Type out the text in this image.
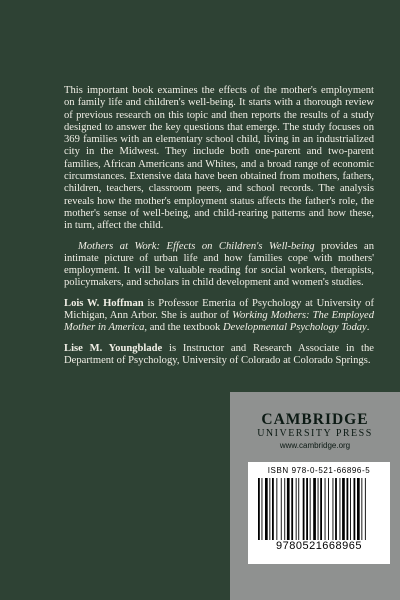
This important book examines the effects of the mother's employment on family life and children's well-being. It starts with a thorough review of previous research on this topic and then reports the results of a study designed to answer the key questions that emerge. The study focuses on 369 families with an elementary school child, living in an industrialized city in the Midwest. They include both one-parent and two-parent families, African Americans and Whites, and a broad range of economic circumstances. Extensive data have been obtained from mothers, fathers, children, teachers, classroom peers, and school records. The analysis reveals how the mother's employment status affects the father's role, the mother's sense of well-being, and child-rearing patterns and how these, in turn, affect the child.

Mothers at Work: Effects on Children's Well-being provides an intimate picture of urban life and how families cope with mothers' employment. It will be valuable reading for social workers, therapists, policymakers, and scholars in child development and women's studies.

Lois W. Hoffman is Professor Emerita of Psychology at University of Michigan, Ann Arbor. She is author of Working Mothers: The Employed Mother in America, and the textbook Developmental Psychology Today.

Lise M. Youngblade is Instructor and Research Associate in the Department of Psychology, University of Colorado at Colorado Springs.

CAMBRIDGE
UNIVERSITY PRESS
www.cambridge.org
ISBN 978-0-521-66896-5
9780521668965
